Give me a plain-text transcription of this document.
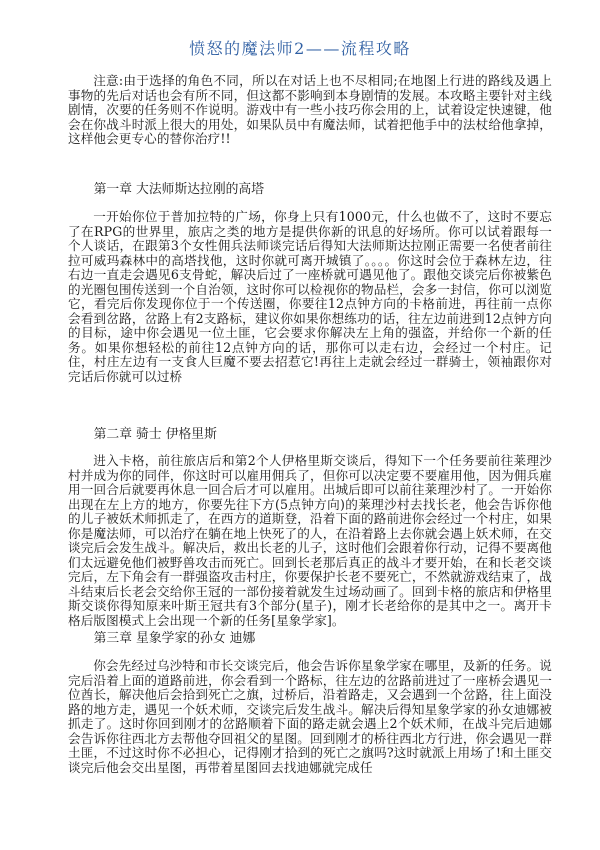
愤怒的魔法师2——流程攻略

注意:由于选择的角色不同，所以在对话上也不尽相同;在地图上行进的路线及遇上事物的先后对话也会有所不同，但这都不影响到本身剧情的发展。本攻略主要针对主线剧情，次要的任务则不作说明。游戏中有一些小技巧你会用的上，试着设定快速键，他会在你战斗时派上很大的用处，如果队员中有魔法师，试着把他手中的法杖给他拿掉，这样他会更专心的替你治疗!!

第一章 大法师斯达拉刚的高塔

一开始你位于普加拉特的广场，你身上只有1000元，什么也做不了，这时不要忘了在RPG的世界里，旅店之类的地方是提供你新的讯息的好场所。你可以试着跟每一个人谈话，在跟第3个女性佣兵法师谈完话后得知大法师斯达拉刚正需要一名使者前往拉可威玛森林中的高塔找他，这时你就可离开城镇了。。。。你这时会位于森林左边，往右边一直走会遇见6支骨蛇，解决后过了一座桥就可遇见他了。跟他交谈完后你被紫色的光圈包围传送到一个自治领，这时你可以检视你的物品栏，会多一封信，你可以浏览它，看完后你发现你位于一个传送圈，你要往12点钟方向的卡格前进，再往前一点你会看到岔路，岔路上有2支路标，建议你如果你想练功的话，往左边前进到12点钟方向的目标，途中你会遇见一位土匪，它会要求你解决左上角的强盗，并给你一个新的任务。如果你想轻松的前往12点钟方向的话，那你可以走右边，会经过一个村庄。记住，村庄左边有一支食人巨魔不要去招惹它!再往上走就会经过一群骑士，领袖跟你对完话后你就可以过桥

第二章 骑士 伊格里斯

进入卡格，前往旅店后和第2个人伊格里斯交谈后，得知下一个任务要前往莱理沙村并成为你的同伴，你这时可以雇用佣兵了，但你可以决定要不要雇用他，因为佣兵雇用一回合后就要再休息一回合后才可以雇用。出城后即可以前往莱理沙村了。一开始你出现在左上方的地方，你要先往下方(5点钟方向)的莱理沙村去找长老，他会告诉你他的儿子被妖术师抓走了，在西方的道斯登，沿着下面的路前进你会经过一个村庄，如果你是魔法师，可以治疗在躺在地上快死了的人，在沿着路上去你就会遇上妖术师，在交谈完后会发生战斗。解决后，救出长老的儿子，这时他们会跟着你行动，记得不要离他们太远避免他们被野兽攻击而死亡。回到长老那后真正的战斗才要开始，在和长老交谈完后，左下角会有一群强盗攻击村庄，你要保护长老不要死亡，不然就游戏结束了，战斗结束后长老会交给你王冠的一部份接着就发生过场动画了。回到卡格的旅店和伊格里斯交谈你得知原来叶斯王冠共有3个部分(星子)，刚才长老给你的是其中之一。离开卡格后版图模式上会出现一个新的任务[星象学家]。

第三章 星象学家的孙女 迪娜

你会先经过乌沙特和市长交谈完后，他会告诉你星象学家在哪里，及新的任务。说完后沿着上面的道路前进，你会看到一个路标，往左边的岔路前进过了一座桥会遇见一位酋长，解决他后会拾到死亡之旗，过桥后，沿着路走，又会遇到一个岔路，往上面没路的地方走，遇见一个妖术师，交谈完后发生战斗。解决后得知星象学家的孙女迪娜被抓走了。这时你回到刚才的岔路顺着下面的路走就会遇上2个妖术师，在战斗完后迪娜会告诉你往西北方去帮他夺回祖父的星图。回到刚才的桥往西北方行进，你会遇见一群土匪，不过这时你不必担心，记得刚才拾到的死亡之旗吗?这时就派上用场了!和土匪交谈完后他会交出星图，再带着星图回去找迪娜就完成任
